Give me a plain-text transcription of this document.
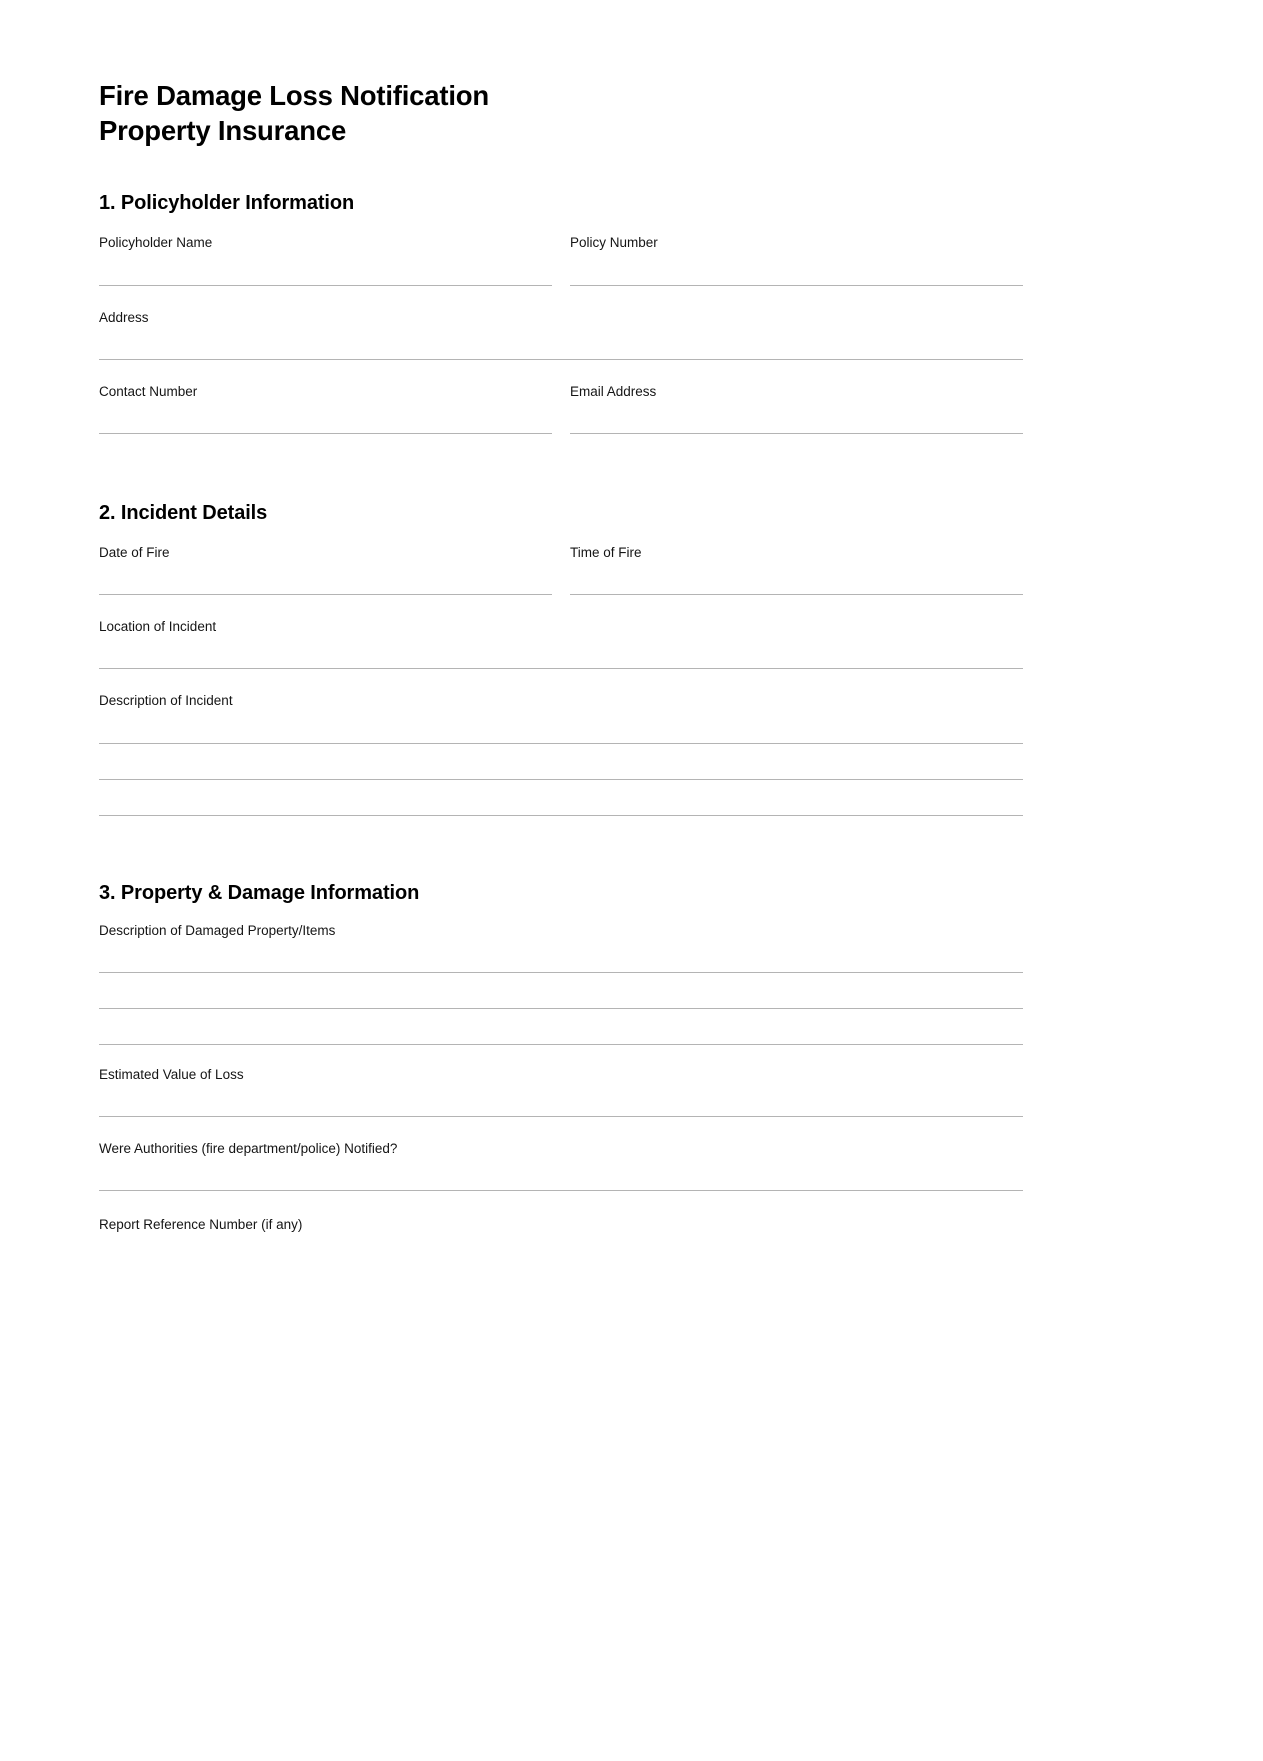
Fire Damage Loss Notification
Property Insurance
1. Policyholder Information
Policyholder Name	Policy Number
Address
Contact Number	Email Address
2. Incident Details
Date of Fire	Time of Fire
Location of Incident
Description of Incident
3. Property & Damage Information
Description of Damaged Property/Items
Estimated Value of Loss
Were Authorities (fire department/police) Notified?
Report Reference Number (if any)
